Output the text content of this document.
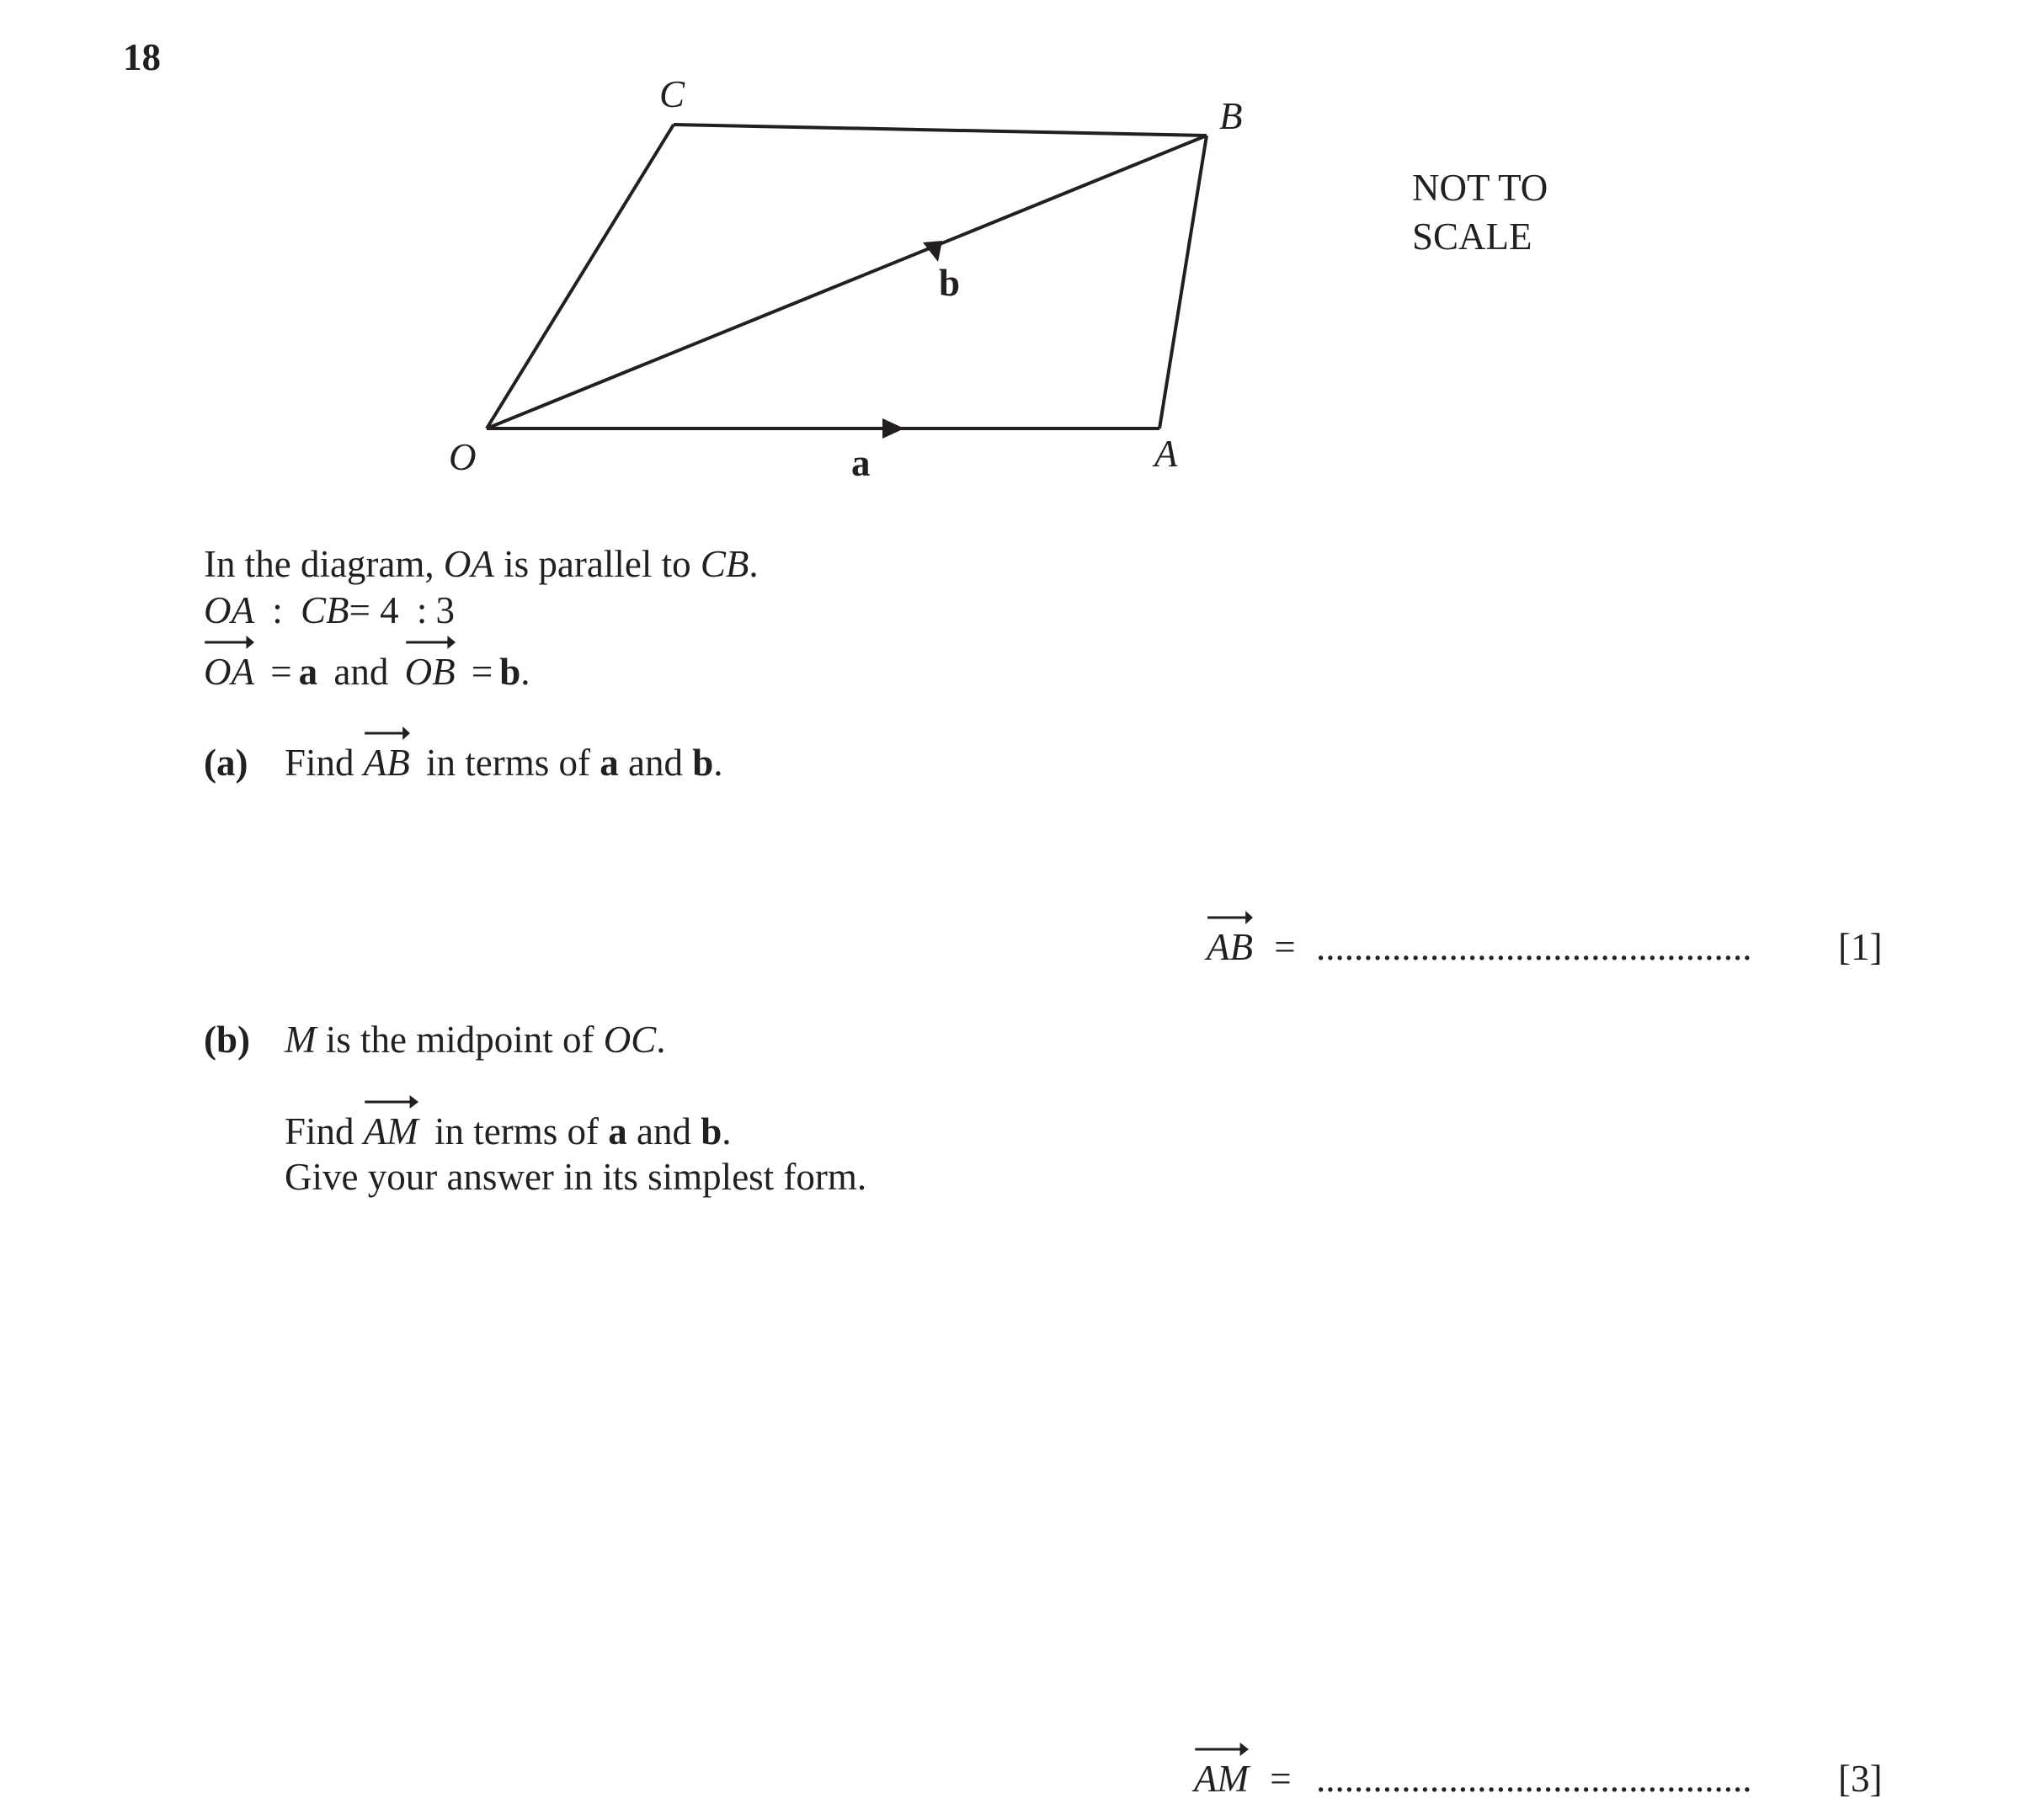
18
C
B
O	A
b
a
NOT TO
SCALE
In the diagram, OA is parallel to CB.
OA : CB= 4 : 3
OA = a and OB = b.
(a) Find AB in terms of a and b.
AB = ..............................................	[1]
(b) M is the midpoint of OC.
Find AM in terms of a and b.
Give your answer in its simplest form.
AM = ..............................................	[3]
